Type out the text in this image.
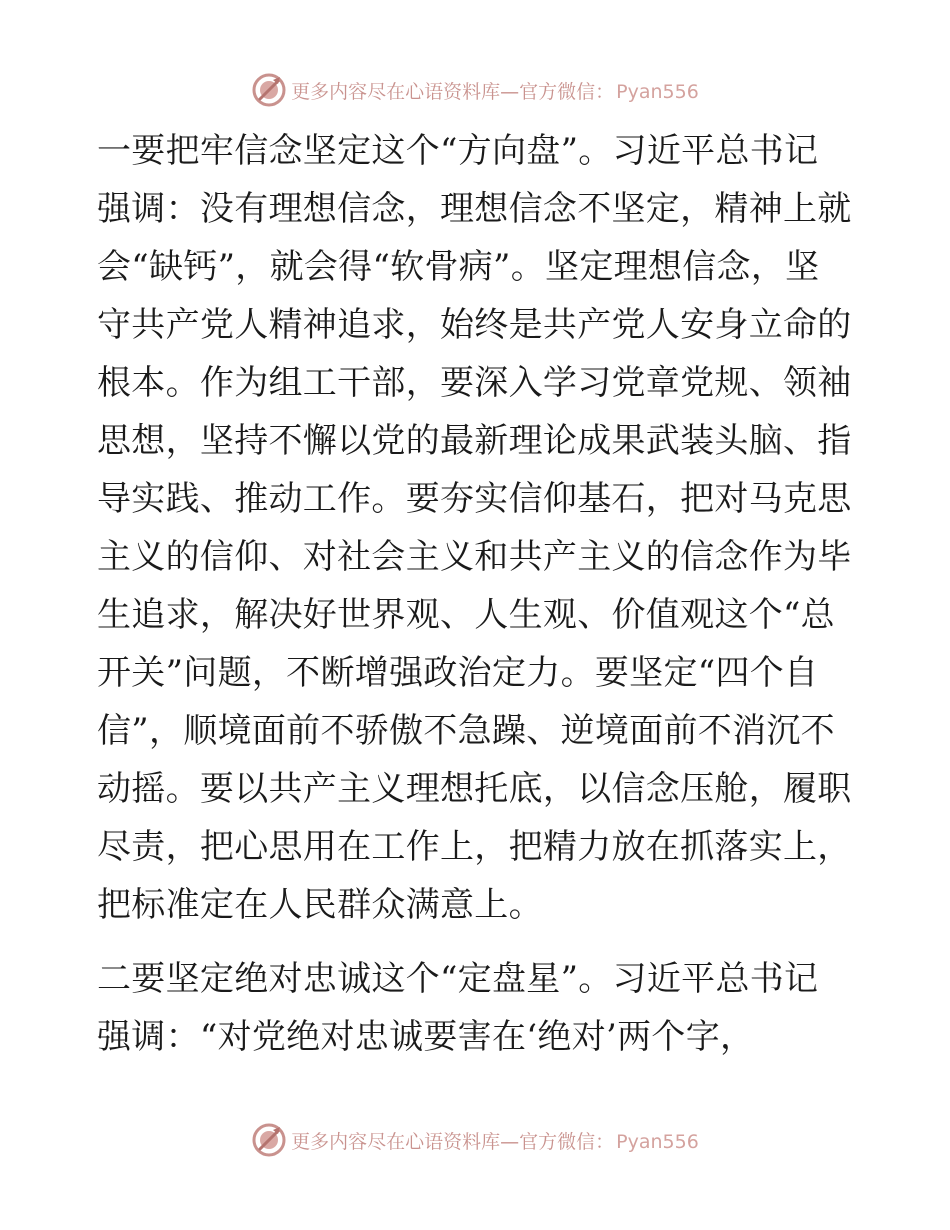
更多内容尽在心语资料库—官方微信： Pyan556

一要把牢信念坚定这个“方向盘”。习近平总书记强调：没有理想信念，理想信念不坚定，精神上就会“缺钙”，就会得“软骨病”。坚定理想信念，坚守共产党人精神追求，始终是共产党人安身立命的根本。作为组工干部，要深入学习党章党规、领袖思想，坚持不懈以党的最新理论成果武装头脑、指导实践、推动工作。要夯实信仰基石，把对马克思主义的信仰、对社会主义和共产主义的信念作为毕生追求，解决好世界观、人生观、价值观这个“总开关”问题，不断增强政治定力。要坚定“四个自信”，顺境面前不骄傲不急躁、逆境面前不消沉不动摇。要以共产主义理想托底，以信念压舱，履职尽责，把心思用在工作上，把精力放在抓落实上，把标准定在人民群众满意上。

二要坚定绝对忠诚这个“定盘星”。习近平总书记强调：“对党绝对忠诚要害在‘绝对’两个字，

更多内容尽在心语资料库—官方微信： Pyan556
